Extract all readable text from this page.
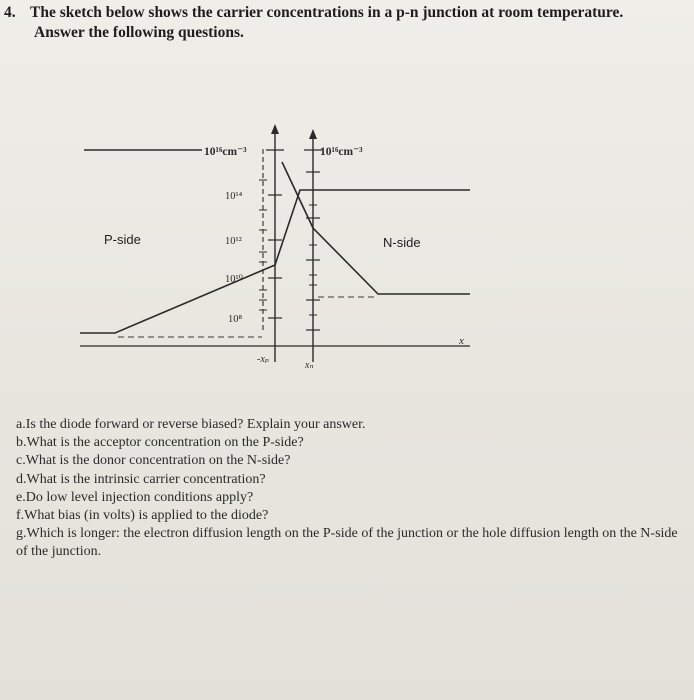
4. The sketch below shows the carrier concentrations in a p-n junction at room temperature.
Answer the following questions.
10¹⁶cm⁻³	10¹⁶cm⁻³
10¹⁴
10¹²
10¹⁰
10⁸
x
-xₚ
xₙ
P-side	N-side
a.Is the diode forward or reverse biased? Explain your answer.
b.What is the acceptor concentration on the P-side?
c.What is the donor concentration on the N-side?
d.What is the intrinsic carrier concentration?
e.Do low level injection conditions apply?
f.What bias (in volts) is applied to the diode?
g.Which is longer: the electron diffusion length on the P-side of the junction or the hole diffusion length on the N-side of the junction.
